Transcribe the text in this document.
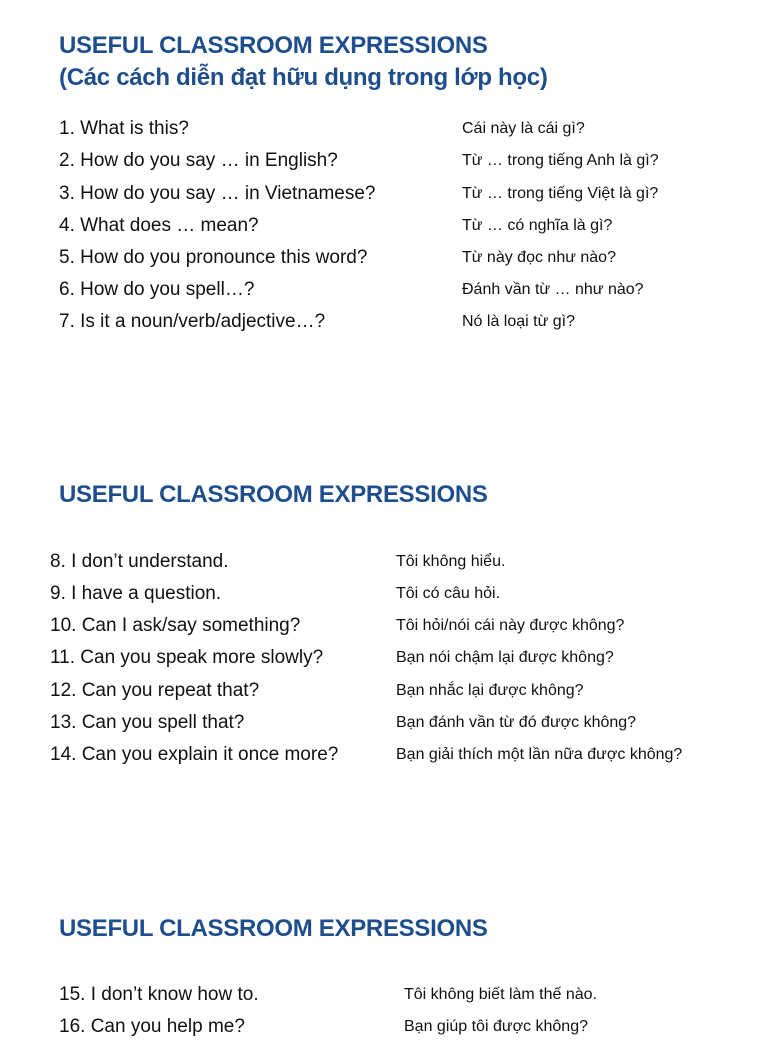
USEFUL CLASSROOM EXPRESSIONS
(Các cách diễn đạt hữu dụng trong lớp học)
1. What is this?	Cái này là cái gì?
2. How do you say … in English?	Từ … trong tiếng Anh là gì?
3. How do you say … in Vietnamese?	Từ … trong tiếng Việt là gì?
4. What does … mean?	Từ … có nghĩa là gì?
5. How do you pronounce this word?	Từ này đọc như nào?
6. How do you spell…?	Đánh vần từ … như nào?
7. Is it a noun/verb/adjective…?	Nó là loại từ gì?
USEFUL CLASSROOM EXPRESSIONS
8. I don’t understand.	Tôi không hiểu.
9. I have a question.	Tôi có câu hỏi.
10. Can I ask/say something?	Tôi hỏi/nói cái này được không?
11. Can you speak more slowly?	Bạn nói chậm lại được không?
12. Can you repeat that?	Bạn nhắc lại được không?
13. Can you spell that?	Bạn đánh vần từ đó được không?
14. Can you explain it once more?	Bạn giải thích một lần nữa được không?
USEFUL CLASSROOM EXPRESSIONS
15. I don’t know how to.	Tôi không biết làm thế nào.
16. Can you help me?	Bạn giúp tôi được không?
